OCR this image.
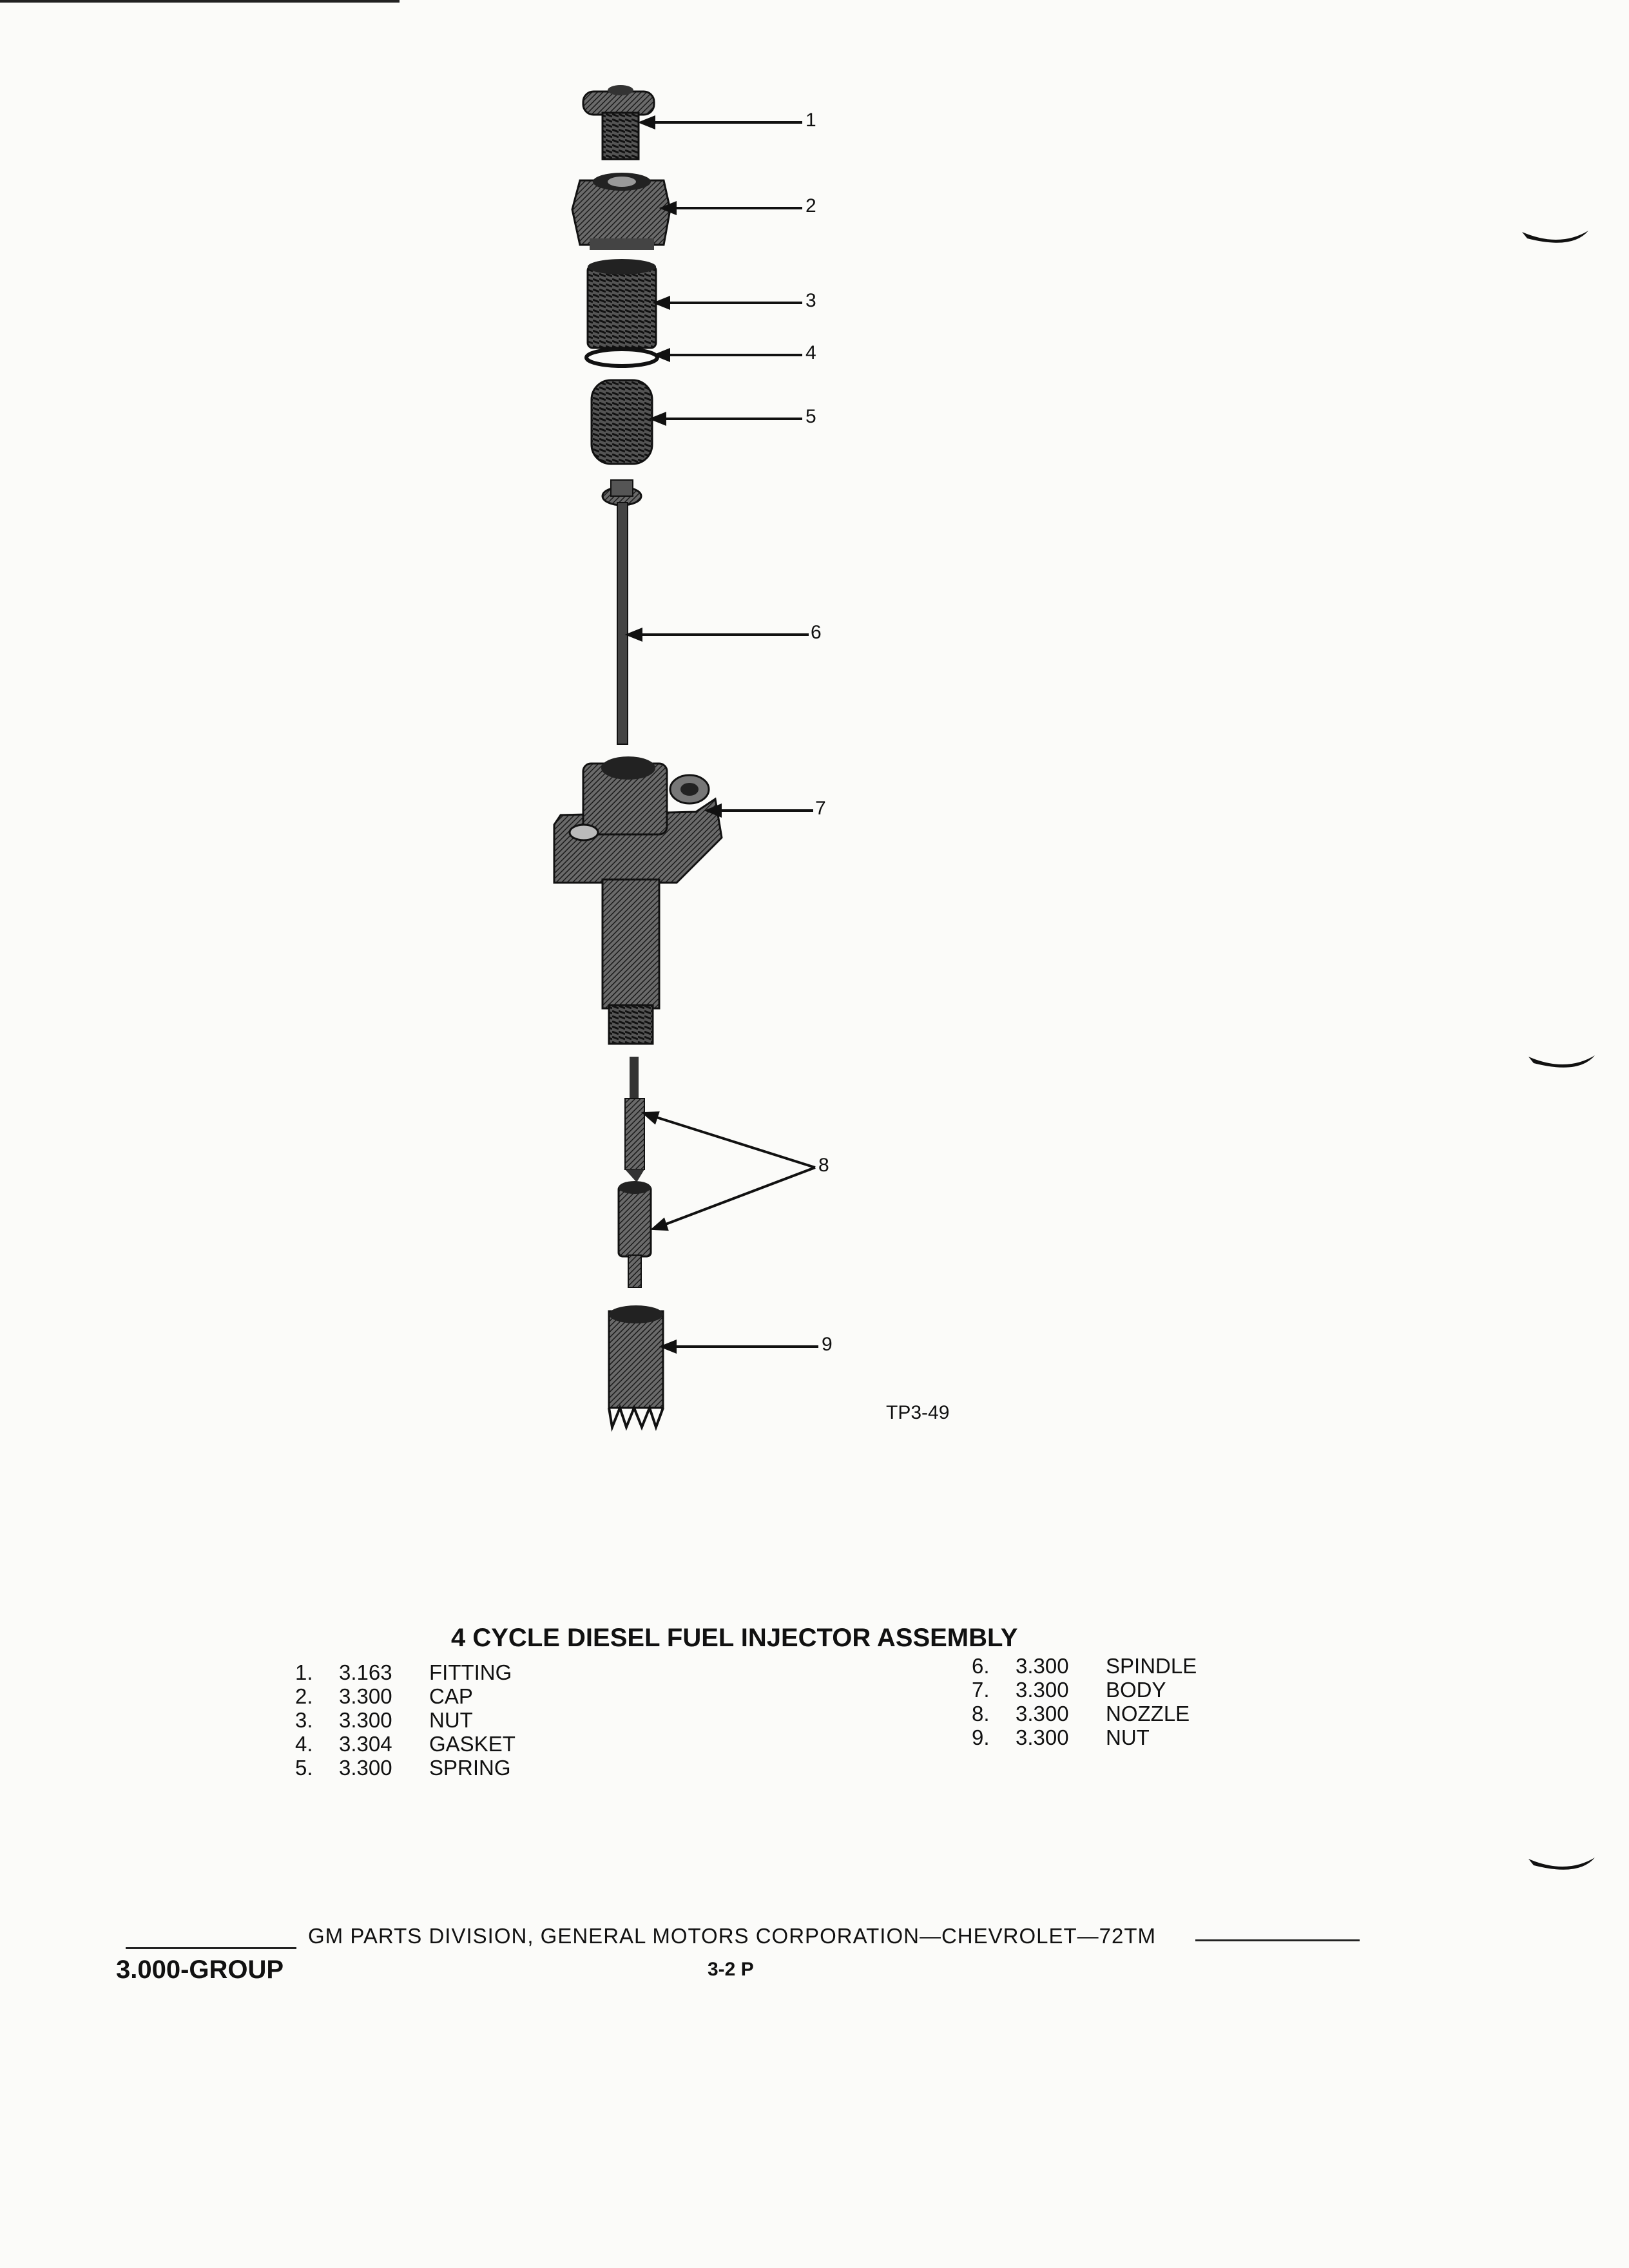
1
2
3
4
5
6
7
8
9
TP3-49
4 CYCLE DIESEL FUEL INJECTOR ASSEMBLY
1.	3.163	FITTING
2.	3.300	CAP
3.	3.300	NUT
4.	3.304	GASKET
5.	3.300	SPRING
6.	3.300	SPINDLE
7.	3.300	BODY
8.	3.300	NOZZLE
9.	3.300	NUT
GM PARTS DIVISION, GENERAL MOTORS CORPORATION—CHEVROLET—72TM
3.000-GROUP	3-2 P
